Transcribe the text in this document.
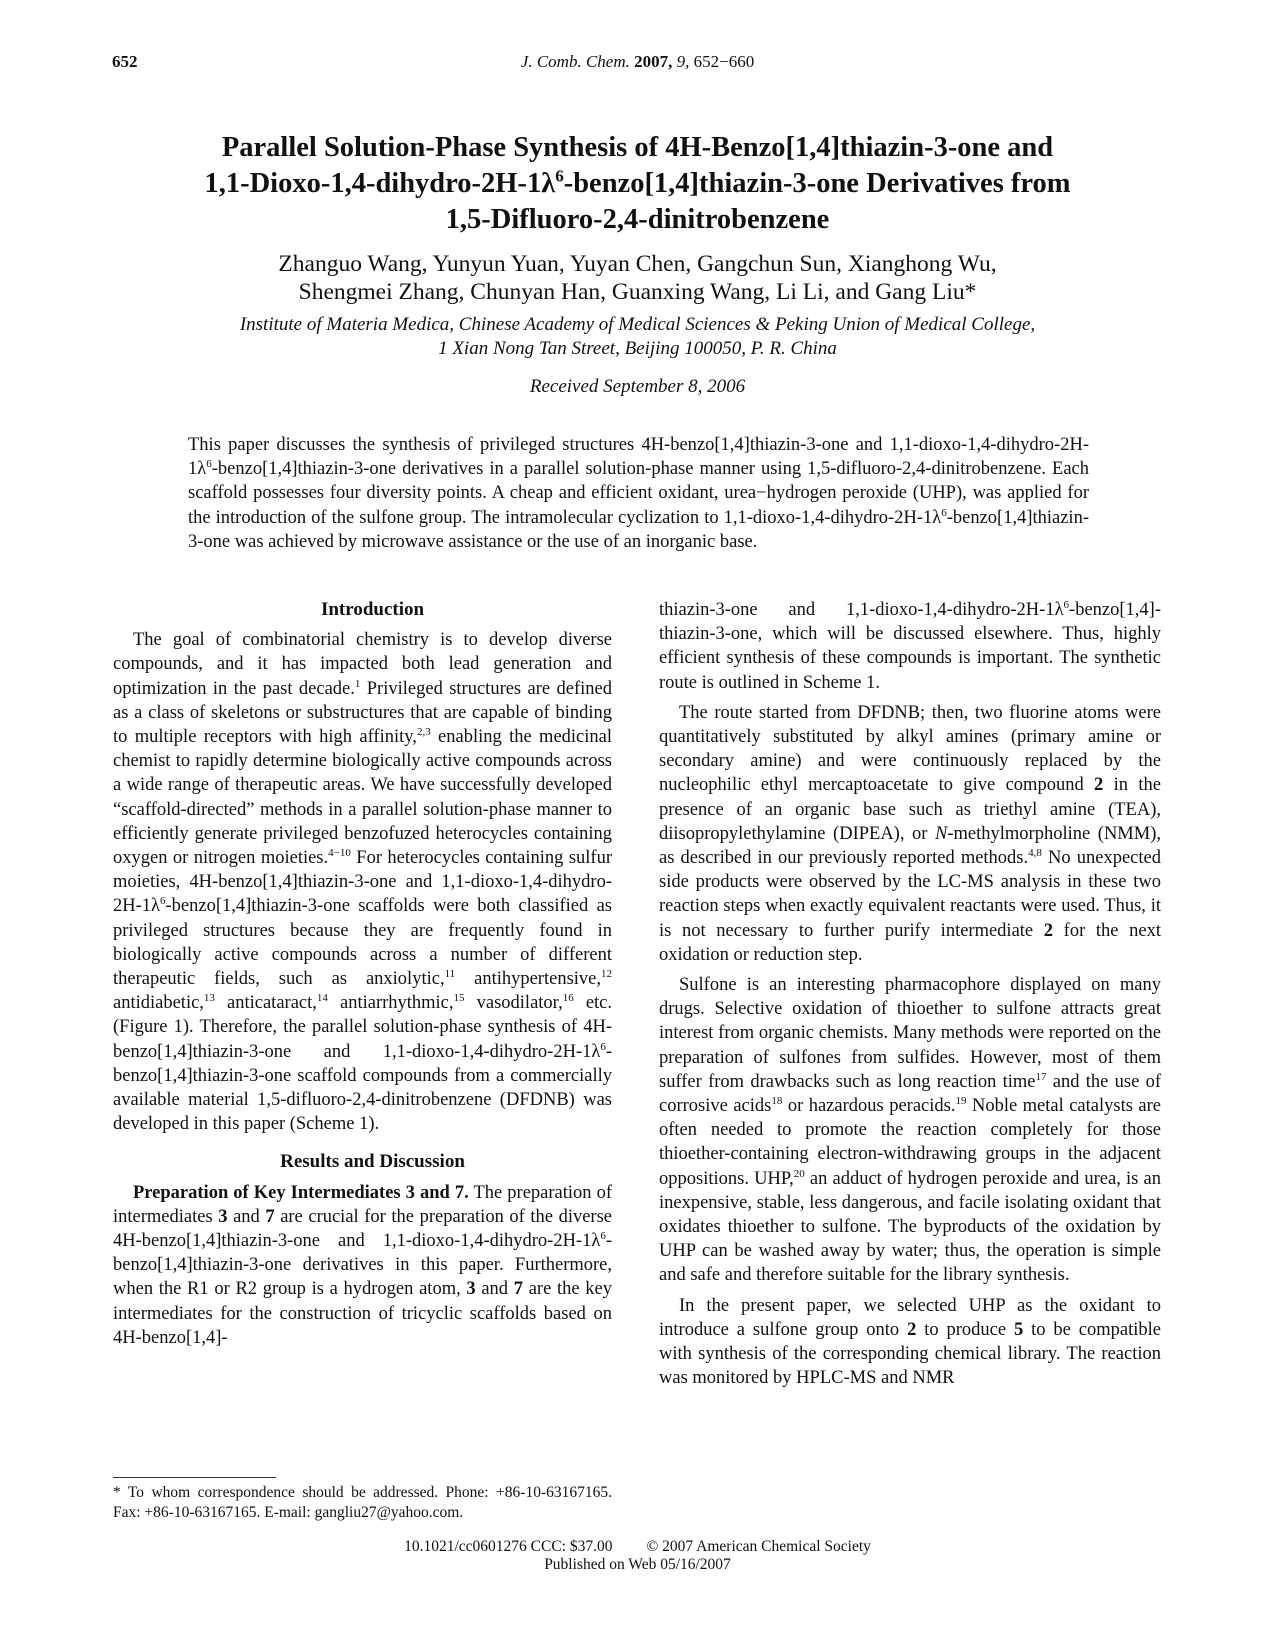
652	J. Comb. Chem. 2007, 9, 652−660
Parallel Solution-Phase Synthesis of 4H-Benzo[1,4]thiazin-3-one and
$1,1-Dioxo-1,4-dihydro-2H-1\lambda^6-benzo[1,4]thiazin-3$-one Derivatives from
1,5-Difluoro-2,4-dinitrobenzene
Zhanguo Wang, Yunyun Yuan, Yuyan Chen, Gangchun Sun, Xianghong Wu,
Shengmei Zhang, Chunyan Han, Guanxing Wang, Li Li, and Gang Liu*
Institute of Materia Medica, Chinese Academy of Medical Sciences & Peking Union of Medical College,
1 Xian Nong Tan Street, Beijing 100050, P. R. China
Received September 8, 2006
This paper discusses the synthesis of privileged structures 4H-benzo[1,4]thiazin-3-one and $1,1-dioxo-1,4-dihydro-2H-1\lambda^6-benzo[1,4]thiazin-3$-one derivatives in a parallel solution-phase manner using 1,5-difluoro-2,4-dinitrobenzene. Each scaffold possesses four diversity points. A cheap and efficient oxidant, urea−hydrogen peroxide (UHP), was applied for the introduction of the sulfone group. The intramolecular cyclization to $1,1-dioxo-1,4-dihydro-2H-1\lambda^6-benzo[1,4]thiazin-3$-one was achieved by microwave assistance or the use of an inorganic base.

Introduction

The goal of combinatorial chemistry is to develop diverse compounds, and it has impacted both lead generation and optimization in the past decade.$^1$ Privileged structures are defined as a class of skeletons or substructures that are capable of binding to multiple receptors with high affinity,$^{2,3}$ enabling the medicinal chemist to rapidly determine biologically active compounds across a wide range of therapeutic areas. We have successfully developed “scaffold-directed” methods in a parallel solution-phase manner to efficiently generate privileged benzofuzed heterocycles containing oxygen or nitrogen moieties.$^{4-10}$ For heterocycles containing sulfur moieties, 4H-benzo[1,4]thiazin-3-one and $1,1-dioxo-1,4-dihydro-2H-1\lambda^6-benzo[1,4]thiazin-3$-one scaffolds were both classified as privileged structures because they are frequently found in biologically active compounds across a number of different therapeutic fields, such as anxiolytic,$^{11}$ antihypertensive,$^{12}$ antidiabetic,$^{13}$ anticataract,$^{14}$ antiarrhythmic,$^{15}$ vasodilator,$^{16}$ etc. (Figure 1). Therefore, the parallel solution-phase synthesis of 4H-benzo[1,4]thiazin-3-one and $1,1-dioxo-1,4-dihydro-2H-1\lambda^6-benzo[1,4]thiazin-3$-one scaffold compounds from a commercially available material 1,5-difluoro-2,4-dinitrobenzene (DFDNB) was developed in this paper (Scheme 1).

Results and Discussion

Preparation of Key Intermediates 3 and 7. The preparation of intermediates 3 and 7 are crucial for the preparation of the diverse 4H-benzo[1,4]thiazin-3-one and $1,1-dioxo-1,4-dihydro-2H-1\lambda^6-benzo[1,4]thiazin-3$-one derivatives in this paper. Furthermore, when the R1 or R2 group is a hydrogen atom, 3 and 7 are the key intermediates for the construction of tricyclic scaffolds based on 4H-benzo[1,4]-

thiazin-3-one and $1,1-dioxo-1,4-dihydro-2H-1\lambda^6-benzo[1,4]-thiazin-3$-one, which will be discussed elsewhere. Thus, highly efficient synthesis of these compounds is important. The synthetic route is outlined in Scheme 1.

The route started from DFDNB; then, two fluorine atoms were quantitatively substituted by alkyl amines (primary amine or secondary amine) and were continuously replaced by the nucleophilic ethyl mercaptoacetate to give compound 2 in the presence of an organic base such as triethyl amine (TEA), diisopropylethylamine (DIPEA), or N-methylmorpholine (NMM), as described in our previously reported methods.$^{4,8}$ No unexpected side products were observed by the LC-MS analysis in these two reaction steps when exactly equivalent reactants were used. Thus, it is not necessary to further purify intermediate 2 for the next oxidation or reduction step.

Sulfone is an interesting pharmacophore displayed on many drugs. Selective oxidation of thioether to sulfone attracts great interest from organic chemists. Many methods were reported on the preparation of sulfones from sulfides. However, most of them suffer from drawbacks such as long reaction time$^{17}$ and the use of corrosive acids$^{18}$ or hazardous peracids.$^{19}$ Noble metal catalysts are often needed to promote the reaction completely for those thioether-containing electron-withdrawing groups in the adjacent oppositions. UHP,$^{20}$ an adduct of hydrogen peroxide and urea, is an inexpensive, stable, less dangerous, and facile isolating oxidant that oxidates thioether to sulfone. The byproducts of the oxidation by UHP can be washed away by water; thus, the operation is simple and safe and therefore suitable for the library synthesis.

In the present paper, we selected UHP as the oxidant to introduce a sulfone group onto 2 to produce 5 to be compatible with synthesis of the corresponding chemical library. The reaction was monitored by HPLC-MS and NMR

* To whom correspondence should be addressed. Phone: +86-10-63167165. Fax: +86-10-63167165. E-mail: gangliu27@yahoo.com.
10.1021/cc0601276 CCC: $37.00 © 2007 American Chemical Society
Published on Web 05/16/2007
